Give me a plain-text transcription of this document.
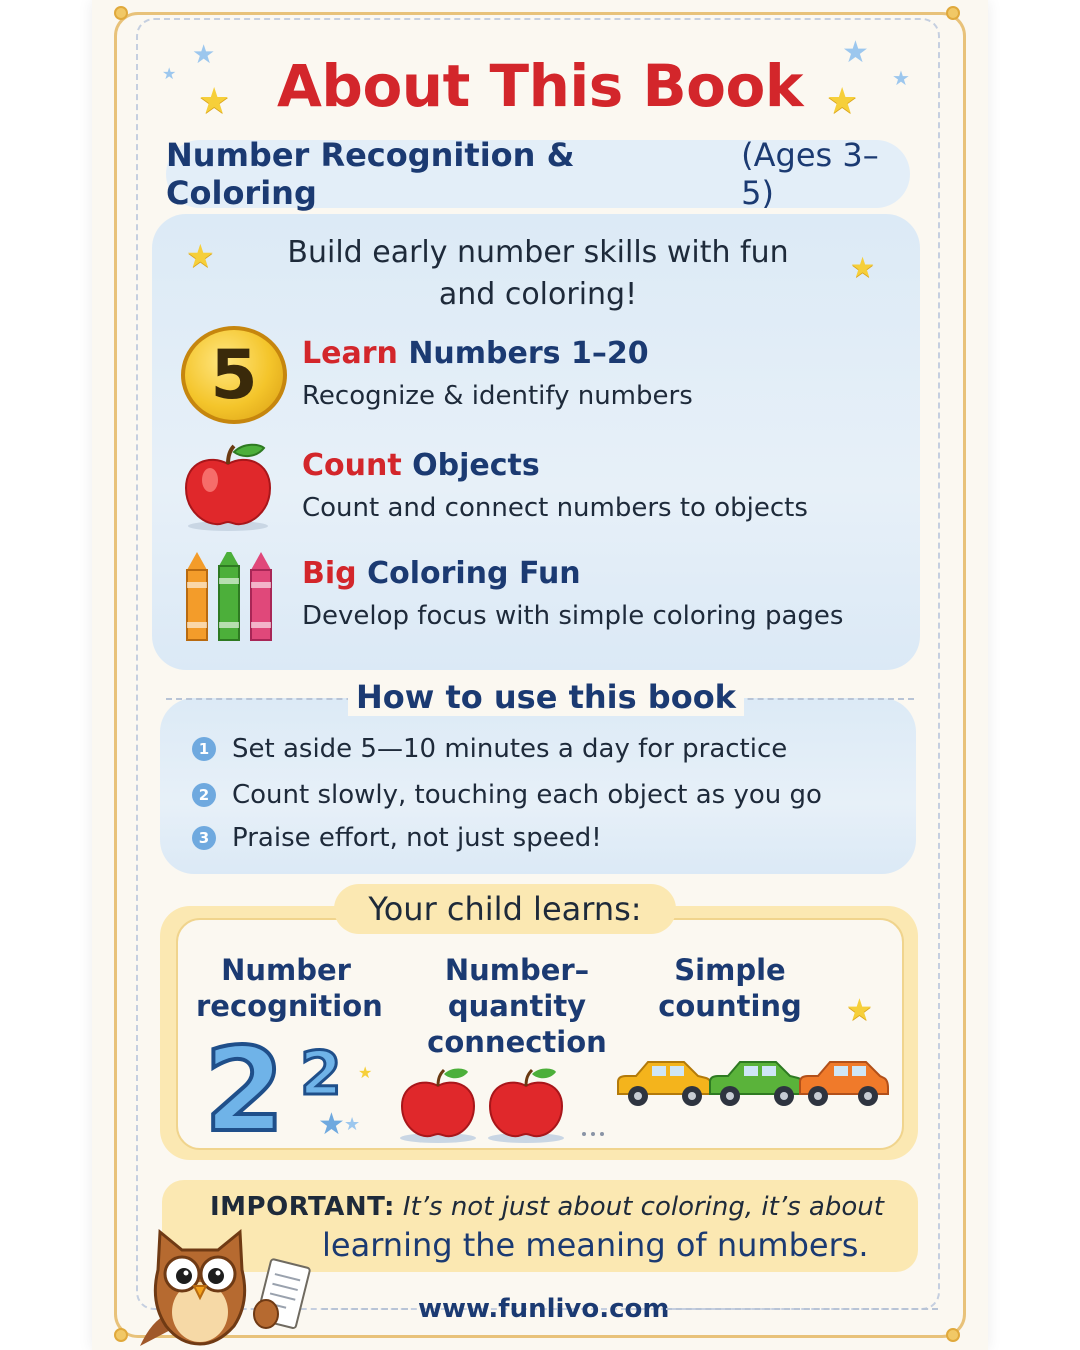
★
★
★
★
★
★
About This Book
Number Recognition & Coloring
(Ages 3–5)
★	★
Build early number skills with fun and coloring!
5	Learn Numbers 1–20
Recognize & identify numbers
Count Objects
Count and connect numbers to objects
Big Coloring Fun
Develop focus with simple coloring pages
How to use this book
1 Set aside 5—10 minutes a day for practice
2 Count slowly, touching each object as you go
3 Praise effort, not just speed!
Your child learns:
Number
recognition
Number–
quantity
connection
Simple
counting
2 2
★ ★
★
★
IMPORTANT: It’s not just about coloring, it’s about
learning the meaning of numbers.
www.funlivo.com
